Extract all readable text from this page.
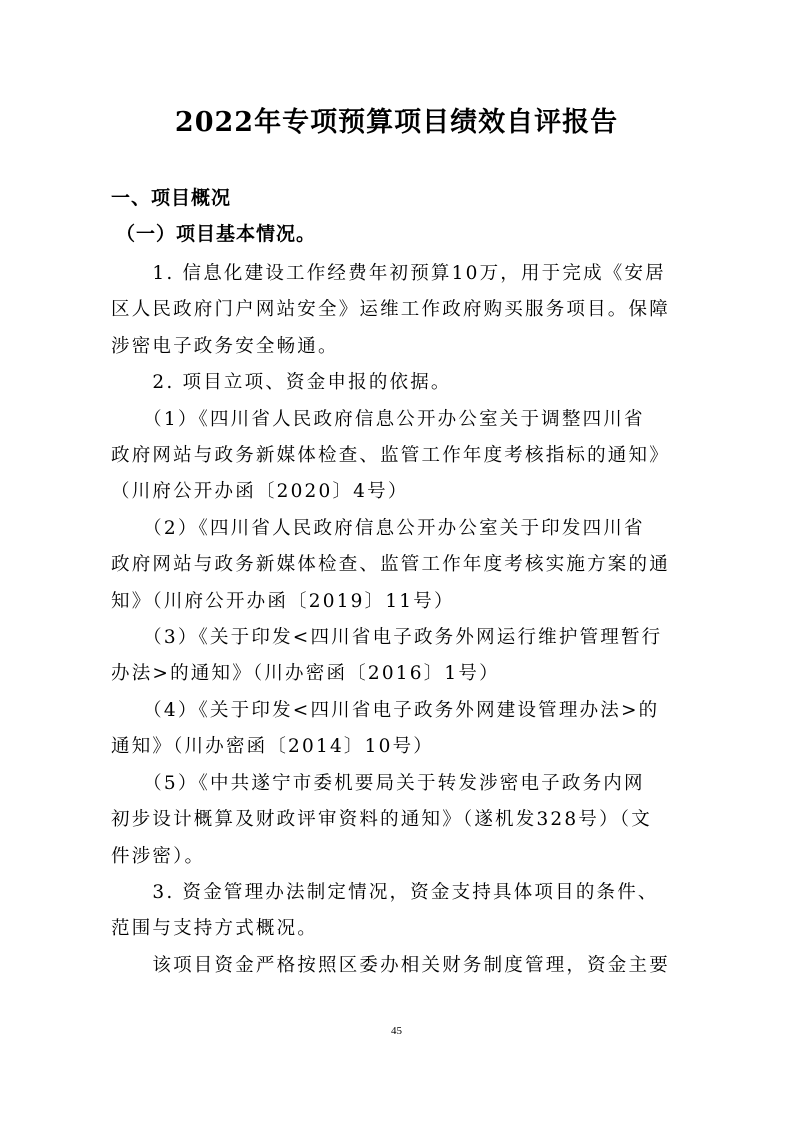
2022年专项预算项目绩效自评报告
一、项目概况
（一）项目基本情况。

　　1. 信息化建设工作经费年初预算10万，用于完成《安居

区人民政府门户网站安全》运维工作政府购买服务项目。保障

涉密电子政务安全畅通。

　　2. 项目立项、资金申报的依据。

　　（1）《四川省人民政府信息公开办公室关于调整四川省

政府网站与政务新媒体检查、监管工作年度考核指标的通知》

（川府公开办函〔2020〕4号）

　　（2）《四川省人民政府信息公开办公室关于印发四川省

政府网站与政务新媒体检查、监管工作年度考核实施方案的通

知》（川府公开办函〔2019〕11号）

　　（3）《关于印发<四川省电子政务外网运行维护管理暂行

办法>的通知》（川办密函〔2016〕1号）

　　（4）《关于印发<四川省电子政务外网建设管理办法>的

通知》（川办密函〔2014〕10号）

　　（5）《中共遂宁市委机要局关于转发涉密电子政务内网

初步设计概算及财政评审资料的通知》（遂机发328号）（文

件涉密）。

　　3. 资金管理办法制定情况，资金支持具体项目的条件、

范围与支持方式概况。

　　该项目资金严格按照区委办相关财务制度管理，资金主要

45
